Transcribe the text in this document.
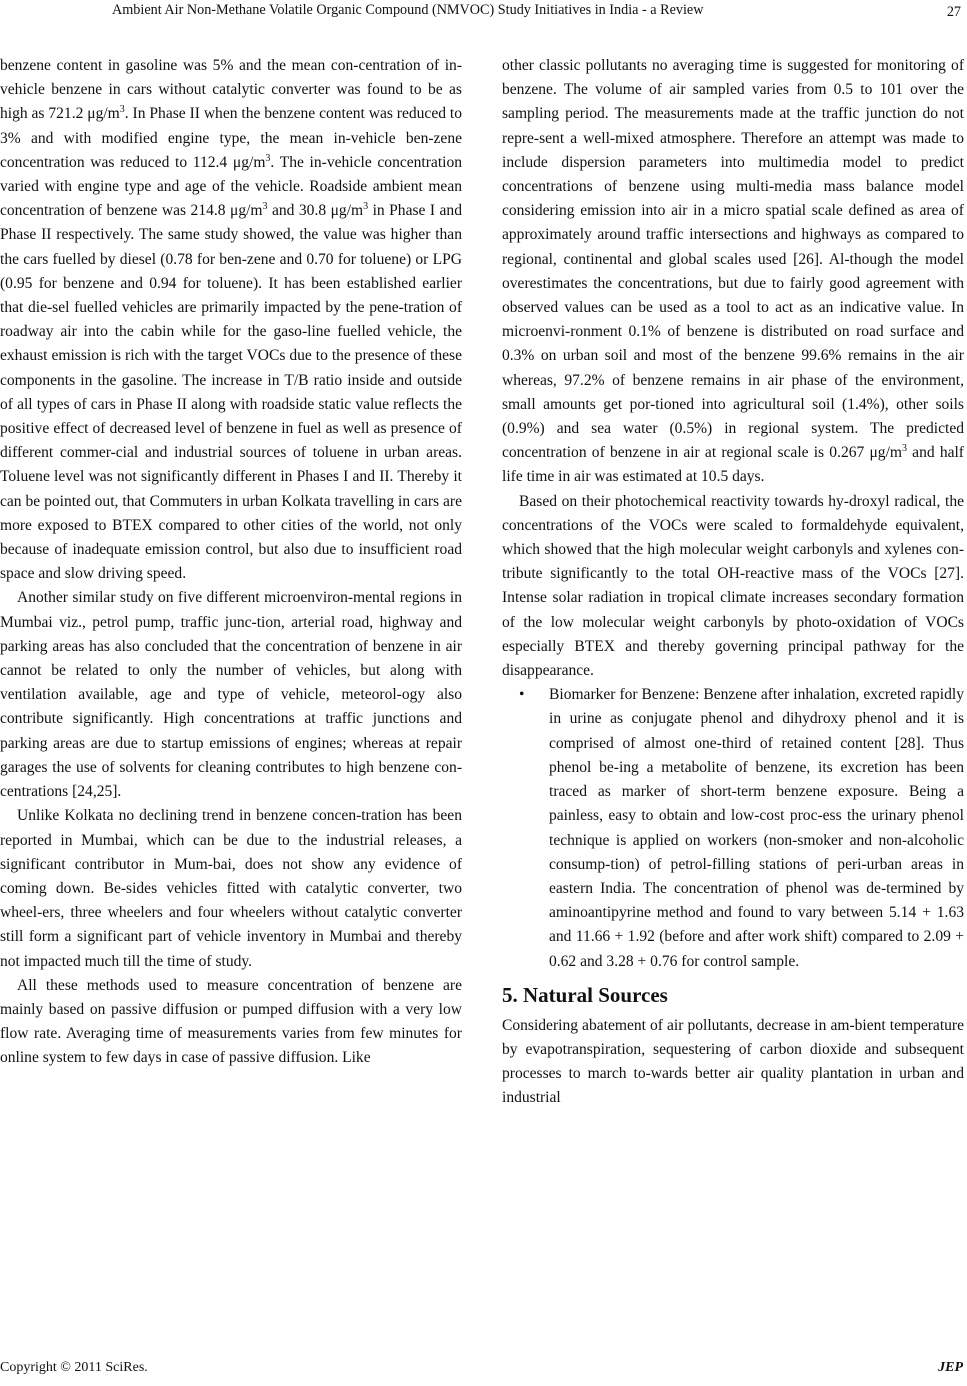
Ambient Air Non-Methane Volatile Organic Compound (NMVOC) Study Initiatives in India - a Review	27

benzene content in gasoline was 5% and the mean con-centration of in-vehicle benzene in cars without catalytic converter was found to be as high as 721.2 $\mu g/m^3$. In Phase II when the benzene content was reduced to 3% and with modified engine type, the mean in-vehicle ben-zene concentration was reduced to 112.4 $\mu g/m^3$. The in-vehicle concentration varied with engine type and age of the vehicle. Roadside ambient mean concentration of benzene was 214.8 $\mu g/m^3$ and 30.8 $\mu g/m^3$ in Phase I and Phase II respectively. The same study showed, the value was higher than the cars fuelled by diesel (0.78 for ben-zene and 0.70 for toluene) or LPG (0.95 for benzene and 0.94 for toluene). It has been established earlier that die-sel fuelled vehicles are primarily impacted by the pene-tration of roadway air into the cabin while for the gaso-line fuelled vehicle, the exhaust emission is rich with the target VOCs due to the presence of these components in the gasoline. The increase in T/B ratio inside and outside of all types of cars in Phase II along with roadside static value reflects the positive effect of decreased level of benzene in fuel as well as presence of different commer-cial and industrial sources of toluene in urban areas. Toluene level was not significantly different in Phases I and II. Thereby it can be pointed out, that Commuters in urban Kolkata travelling in cars are more exposed to BTEX compared to other cities of the world, not only because of inadequate emission control, but also due to insufficient road space and slow driving speed.

Another similar study on five different microenviron-mental regions in Mumbai viz., petrol pump, traffic junc-tion, arterial road, highway and parking areas has also concluded that the concentration of benzene in air cannot be related to only the number of vehicles, but along with ventilation available, age and type of vehicle, meteorol-ogy also contribute significantly. High concentrations at traffic junctions and parking areas are due to startup emissions of engines; whereas at repair garages the use of solvents for cleaning contributes to high benzene con-centrations [24,25].

Unlike Kolkata no declining trend in benzene concen-tration has been reported in Mumbai, which can be due to the industrial releases, a significant contributor in Mum-bai, does not show any evidence of coming down. Be-sides vehicles fitted with catalytic converter, two wheel-ers, three wheelers and four wheelers without catalytic converter still form a significant part of vehicle inventory in Mumbai and thereby not impacted much till the time of study.

All these methods used to measure concentration of benzene are mainly based on passive diffusion or pumped diffusion with a very low flow rate. Averaging time of measurements varies from few minutes for online system to few days in case of passive diffusion. Like

other classic pollutants no averaging time is suggested for monitoring of benzene. The volume of air sampled varies from 0.5 to 101 over the sampling period. The measurements made at the traffic junction do not repre-sent a well-mixed atmosphere. Therefore an attempt was made to include dispersion parameters into multimedia model to predict concentrations of benzene using multi-media mass balance model considering emission into air in a micro spatial scale defined as area of approximately around traffic intersections and highways as compared to regional, continental and global scales used [26]. Al-though the model overestimates the concentrations, but due to fairly good agreement with observed values can be used as a tool to act as an indicative value. In microenvi-ronment 0.1% of benzene is distributed on road surface and 0.3% on urban soil and most of the benzene 99.6% remains in the air whereas, 97.2% of benzene remains in air phase of the environment, small amounts get por-tioned into agricultural soil (1.4%), other soils (0.9%) and sea water (0.5%) in regional system. The predicted concentration of benzene in air at regional scale is 0.267 $\mu g/m^3$ and half life time in air was estimated at 10.5 days.

Based on their photochemical reactivity towards hy-droxyl radical, the concentrations of the VOCs were scaled to formaldehyde equivalent, which showed that the high molecular weight carbonyls and xylenes con-tribute significantly to the total OH-reactive mass of the VOCs [27]. Intense solar radiation in tropical climate increases secondary formation of the low molecular weight carbonyls by photo-oxidation of VOCs especially BTEX and thereby governing principal pathway for the disappearance.

• Biomarker for Benzene: Benzene after inhalation, excreted rapidly in urine as conjugate phenol and dihydroxy phenol and it is comprised of almost one-third of retained content [28]. Thus phenol be-ing a metabolite of benzene, its excretion has been traced as marker of short-term benzene exposure. Being a painless, easy to obtain and low-cost proc-ess the urinary phenol technique is applied on workers (non-smoker and non-alcoholic consump-tion) of petrol-filling stations of peri-urban areas in eastern India. The concentration of phenol was de-termined by aminoantipyrine method and found to vary between 5.14 + 1.63 and 11.66 + 1.92 (before and after work shift) compared to 2.09 + 0.62 and 3.28 + 0.76 for control sample.
5. Natural Sources

Considering abatement of air pollutants, decrease in am-bient temperature by evapotranspiration, sequestering of carbon dioxide and subsequent processes to march to-wards better air quality plantation in urban and industrial

Copyright © 2011 SciRes.	JEP
